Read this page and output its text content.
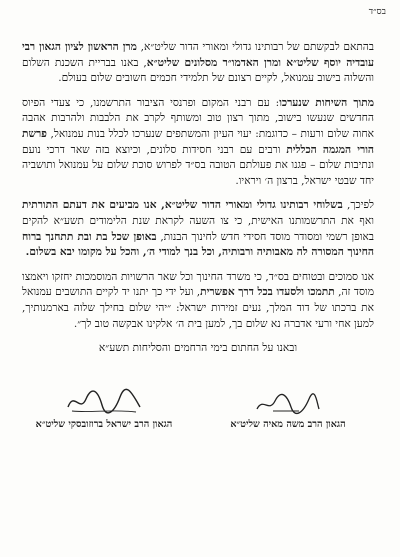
בס״ד

בהתאם לבקשתם של רבותינו גדולי ומאורי הדור שליט״א, מרן הראשון לציון הגאון רבי עובדיה יוסף שליט״א ומרן האדמו״ר מסלונים שליט״א, באנו בבריית השכנת השלום והשלוה בישוב עמנואל, לקיים רצונם של תלמידי חכמים חשובים שלום בעולם.

מתוך השיחות שנערכו: עם רבני המקום ופרנסי הציבור התרשמנו, כי צעדי הפיוס החדשים שנעשו בישוב, מתוך רצון טוב ומשותף לקרב את הלבבות ולהרבות אהבה אחוה שלום ורעות – כדוגמת: יעוי העיון והמשתפים שנערכו לכלל בנות עמנואל, פרשת הורי המגמה הכללית ורבים עם רבני חסידות סלונים, וכיוצא בזה שאר דרכי נועם ונתיבות שלום – פגנו את פעולתם הטובה בס״ד לפרוש סוכת שלום על עמנואל ותושביה יחד שבטי ישראל, ברצון ה׳ ויראיו.

לפיכך, בשלוחי רבותינו גדולי ומאורי הדור שליט״א, אנו מביעים את דעתם התורתית ואף את התרשמותנו האישית, כי צו השעה לקראת שנת הלימודים תשע״א להקים באופן רשמי ומסודר מוסד חסידי חדש לחינוך הבנות, באופן שכל בת ובת תתחנך ברוח החינוך המסורה לה מאבותיה ורבותיה, וכל בנך למודי ה׳, והכל על מקומו יבא בשלום.

אנו סמוכים ובטוחים בס״ד, כי משרד החינוך וכל שאר הרשויות המוסמכות יחזקו ויאמצו מוסד זה, תתמכו ולסעדו בכל דרך אפשרית, ועל ידי כך יתנו יד לקיים התושבים עמנואל את ברכתו של דוד המלך, נעים זמירות ישראל: ״יהי שלום בחילך שלוה בארמנותיך, למען אחי ורעי אדברה נא שלום בך, למען בית ה׳ אלקינו אבקשה טוב לך״.

ובאנו על החתום בימי הרחמים והסליחות תשע״א
הגאון הרב משה מאיה שליט״א
הגאון הרב ישראל ברוזובסקי שליט״א
